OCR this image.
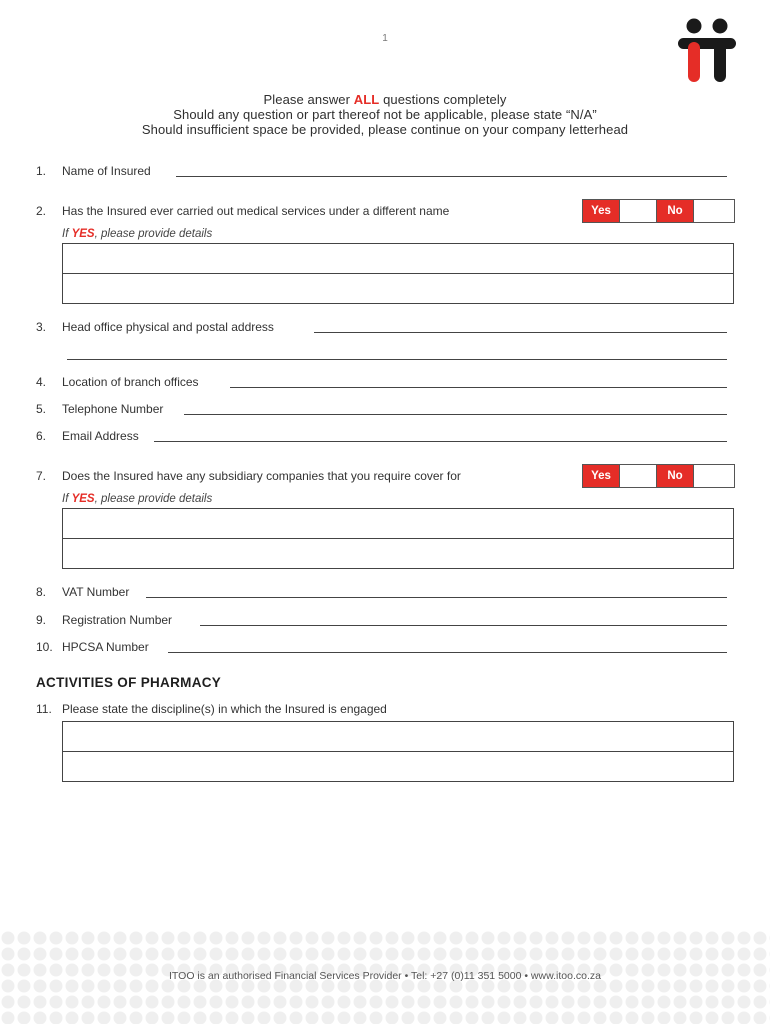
1
Please answer ALL questions completely
Should any question or part thereof not be applicable, please state “N/A”
Should insufficient space be provided, please continue on your company letterhead
1. Name of Insured
2. Has the Insured ever carried out medical services under a different name	Yes	No
If YES, please provide details
3. Head office physical and postal address
4. Location of branch offices
5. Telephone Number
6. Email Address
7. Does the Insured have any subsidiary companies that you require cover for	Yes	No
If YES, please provide details
8. VAT Number
9. Registration Number
10. HPCSA Number
ACTIVITIES OF PHARMACY
11. Please state the discipline(s) in which the Insured is engaged
ITOO is an authorised Financial Services Provider • Tel: +27 (0)11 351 5000 • www.itoo.co.za
